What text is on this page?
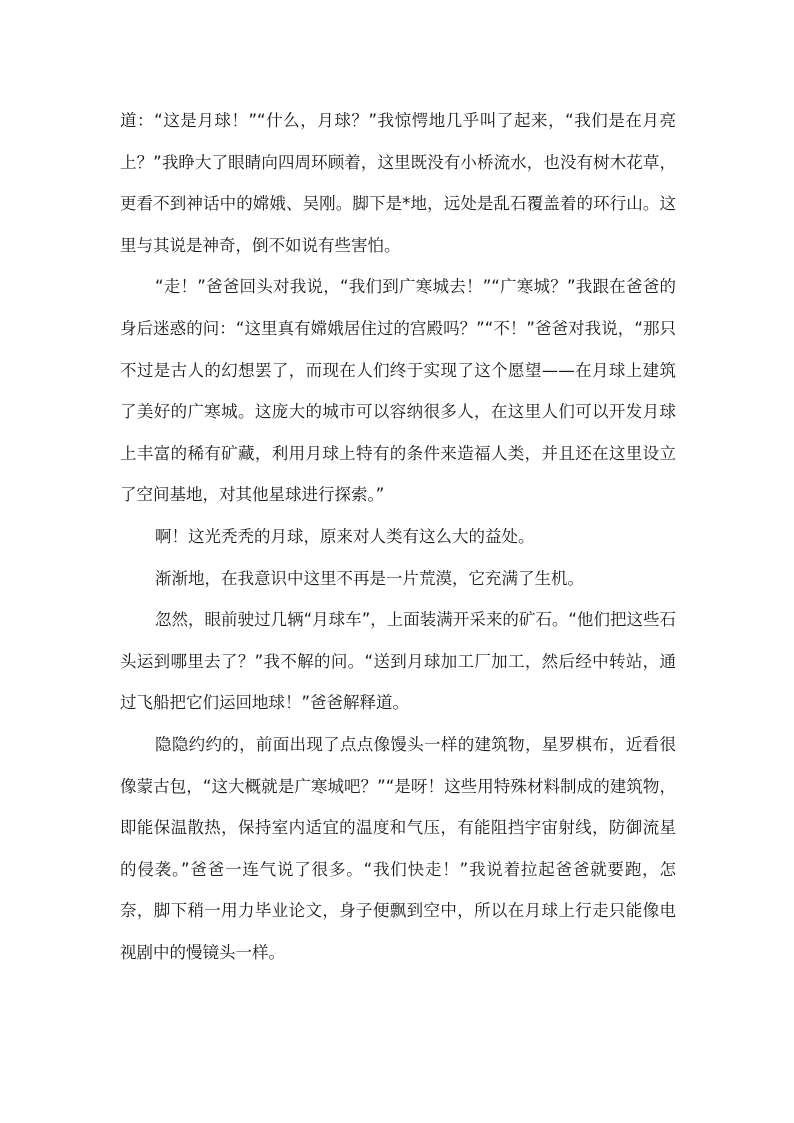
道：“这是月球！”“什么，月球？”我惊愕地几乎叫了起来，“我们是在月亮上？”我睁大了眼睛向四周环顾着，这里既没有小桥流水，也没有树木花草，更看不到神话中的嫦娥、吴刚。脚下是*地，远处是乱石覆盖着的环行山。这里与其说是神奇，倒不如说有些害怕。

“走！”爸爸回头对我说，“我们到广寒城去！”“广寒城？”我跟在爸爸的身后迷惑的问：“这里真有嫦娥居住过的宫殿吗？”“不！”爸爸对我说，“那只不过是古人的幻想罢了，而现在人们终于实现了这个愿望——在月球上建筑了美好的广寒城。这庞大的城市可以容纳很多人，在这里人们可以开发月球上丰富的稀有矿藏，利用月球上特有的条件来造福人类，并且还在这里设立了空间基地，对其他星球进行探索。”

啊！这光秃秃的月球，原来对人类有这么大的益处。

渐渐地，在我意识中这里不再是一片荒漠，它充满了生机。

忽然，眼前驶过几辆“月球车”，上面装满开采来的矿石。“他们把这些石头运到哪里去了？”我不解的问。“送到月球加工厂加工，然后经中转站，通过飞船把它们运回地球！”爸爸解释道。

隐隐约约的，前面出现了点点像馒头一样的建筑物，星罗棋布，近看很像蒙古包，“这大概就是广寒城吧？”“是呀！这些用特殊材料制成的建筑物，即能保温散热，保持室内适宜的温度和气压，有能阻挡宇宙射线，防御流星的侵袭。”爸爸一连气说了很多。“我们快走！”我说着拉起爸爸就要跑，怎奈，脚下稍一用力毕业论文，身子便飘到空中，所以在月球上行走只能像电视剧中的慢镜头一样。
